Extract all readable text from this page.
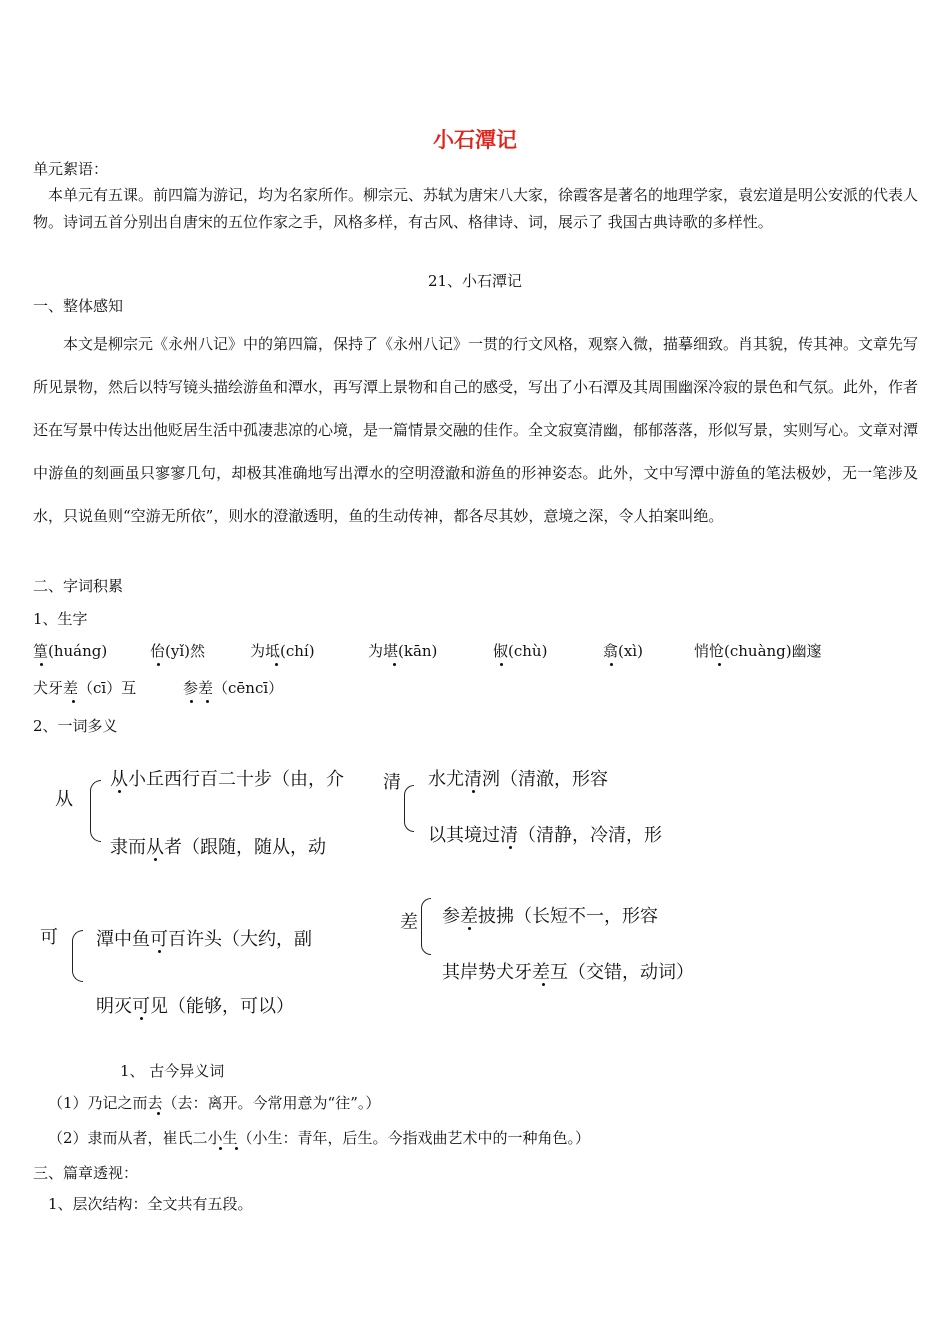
小石潭记
单元絮语：
本单元有五课。前四篇为游记，均为名家所作。柳宗元、苏轼为唐宋八大家，徐霞客是著名的地理学家，袁宏道是明公安派的代表人物。诗词五首分别出自唐宋的五位作家之手，风格多样，有古风、格律诗、词，展示了 我国古典诗歌的多样性。
21、小石潭记
一、整体感知
本文是柳宗元《永州八记》中的第四篇，保持了《永州八记》一贯的行文风格，观察入微，描摹细致。肖其貌，传其神。文章先写所见景物，然后以特写镜头描绘游鱼和潭水，再写潭上景物和自己的感受，写出了小石潭及其周围幽深冷寂的景色和气氛。此外，作者还在写景中传达出他贬居生活中孤凄悲凉的心境，是一篇情景交融的佳作。全文寂寞清幽，郁郁落落，形似写景，实则写心。文章对潭中游鱼的刻画虽只寥寥几句，却极其准确地写出潭水的空明澄澈和游鱼的形神姿态。此外，文中写潭中游鱼的笔法极妙，无一笔涉及水，只说鱼则“空游无所依”，则水的澄澈透明，鱼的生动传神，都各尽其妙，意境之深，令人拍案叫绝。
二、字词积累
1、生字
篁(huáng)	佁(yǐ)然	为坻(chí)	为堪(kān)	俶(chù)	翕(xì)	悄怆(chuàng)幽邃
犬牙差（cī）互	参差（cēncī）
2、一词多义
从
从小丘西行百二十步（由，介
隶而从者（跟随，随从，动
清 水尤清洌（清澈，形容
以其境过清（清静，冷清，形
可 潭中鱼可百许头（大约，副
明灭可见（能够，可以）
差 参差披拂（长短不一，形容
其岸势犬牙差互（交错，动词）
1、 古今异义词
（1）乃记之而去（去：离开。今常用意为“往”。）
（2）隶而从者，崔氏二小生（小生：青年，后生。今指戏曲艺术中的一种角色。）
三、篇章透视：
1、层次结构：全文共有五段。
